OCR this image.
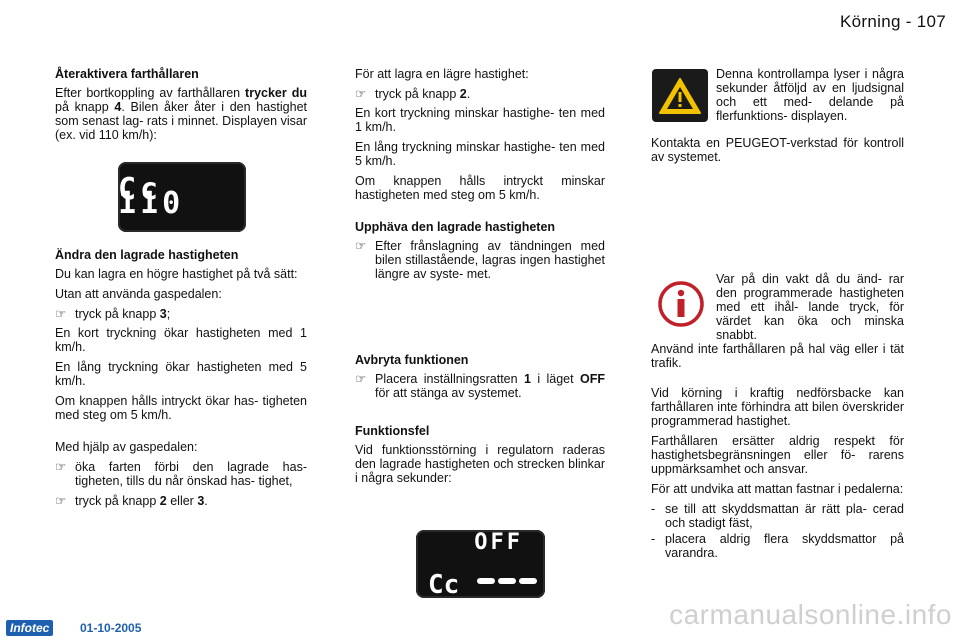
Körning - 107
Återaktivera farthållaren

Efter bortkoppling av farthållaren trycker du på knapp 4. Bilen åker åter i den hastighet som senast lag- rats i minnet. Displayen visar (ex. vid 110 km/h):

Cc 110
Ändra den lagrade hastigheten

Du kan lagra en högre hastighet på två sätt:

Utan att använda gaspedalen:

☞ tryck på knapp 3;

En kort tryckning ökar hastigheten med 1 km/h.

En lång tryckning ökar hastigheten med 5 km/h.

Om knappen hålls intryckt ökar has- tigheten med steg om 5 km/h.

Med hjälp av gaspedalen:

☞ öka farten förbi den lagrade has- tigheten, tills du når önskad has- tighet,
☞ tryck på knapp 2 eller 3.

För att lagra en lägre hastighet:

☞ tryck på knapp 2.

En kort tryckning minskar hastighe- ten med 1 km/h.

En lång tryckning minskar hastighe- ten med 5 km/h.

Om knappen hålls intryckt minskar hastigheten med steg om 5 km/h.

Upphäva den lagrade hastigheten
☞ Efter frånslagning av tändningen med bilen stillastående, lagras ingen hastighet längre av syste- met.
Avbryta funktionen
☞ Placera inställningsratten 1 i läget OFF för att stänga av systemet.
Funktionsfel

Vid funktionsstörning i regulatorn raderas den lagrade hastigheten och strecken blinkar i några sekunder:

OFF
Cc
Denna kontrollampa lyser i några sekunder åtföljd av en ljudsignal och ett med- delande på flerfunktions- displayen.
Kontakta en PEUGEOT-verkstad för kontroll av systemet.
Var på din vakt då du änd- rar den programmerade hastigheten med ett ihål- lande tryck, för värdet kan öka och minska snabbt.

Använd inte farthållaren på hal väg eller i tät trafik.

Vid körning i kraftig nedförsbacke kan farthållaren inte förhindra att bilen överskrider programmerad hastighet.

Farthållaren ersätter aldrig respekt för hastighetsbegränsningen eller fö- rarens uppmärksamhet och ansvar.

För att undvika att mattan fastnar i pedalerna:

- se till att skyddsmattan är rätt pla- cerad och stadigt fäst,
- placera aldrig flera skyddsmattor på varandra.
Infotec	01-10-2005	carmanualsonline.info
